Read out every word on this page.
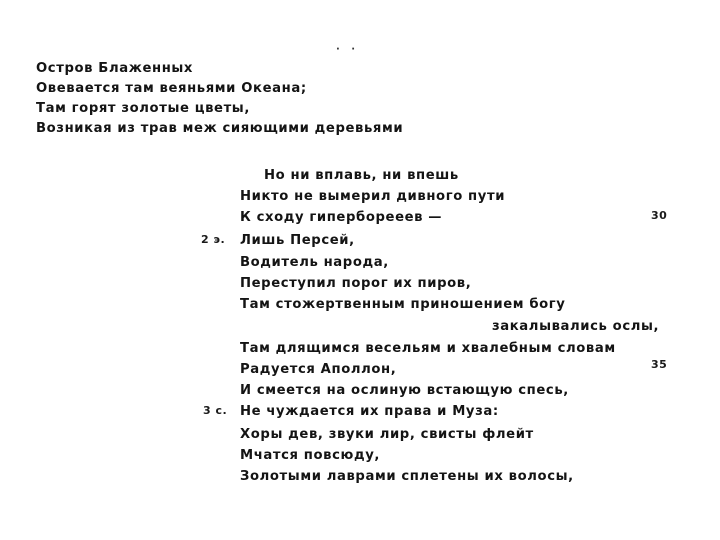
· ·
Остров Блаженных
Овевается там веяньями Океана;
Там горят золотые цветы,
Возникая из трав меж сияющими деревьями
Но ни вплавь, ни впешь
Никто не вымерил дивного пути
К сходу гиперборееев —
Лишь Персей,
Водитель народа,
Переступил порог их пиров,
Там стожертвенным приношением богу
закалывались ослы,
Там длящимся весельям и хвалебным словам
Радуется Аполлон,
И смеется на ослиную встающую спесь,
Не чуждается их права и Муза:
Хоры дев, звуки лир, свисты флейт
Мчатся повсюду,
Золотыми лаврами сплетены их волосы,
2 э.
3 с.
30
35
